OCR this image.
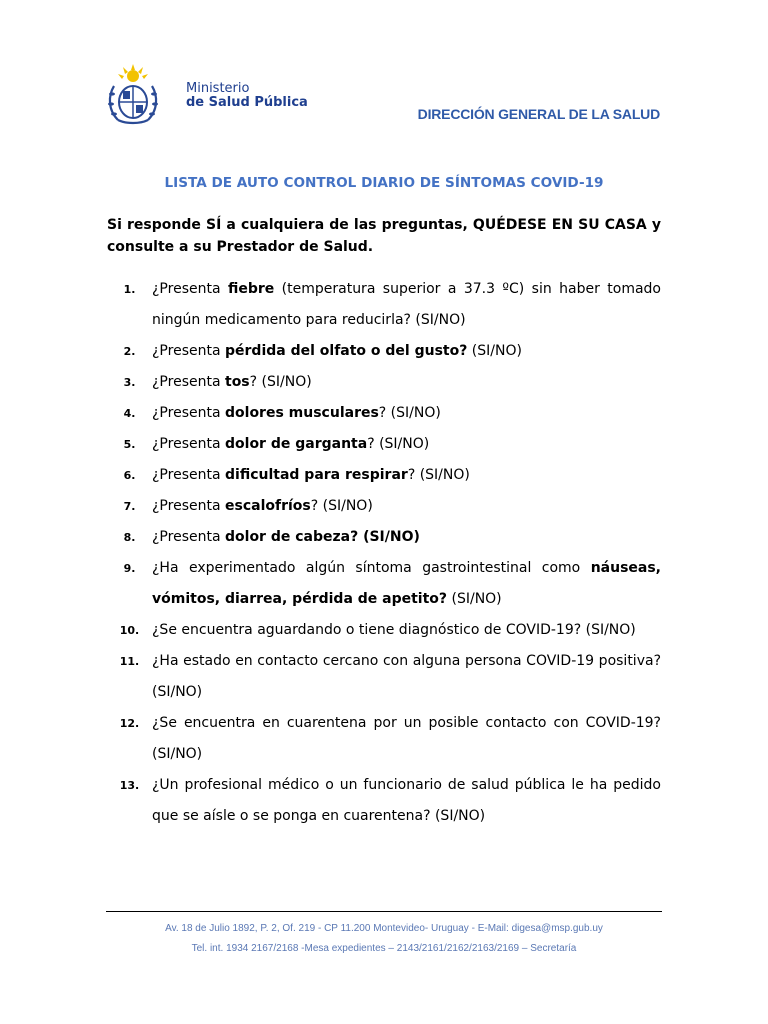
Ministerio
de Salud Pública
DIRECCIÓN GENERAL DE LA SALUD
LISTA DE AUTO CONTROL DIARIO DE SÍNTOMAS COVID-19
Si responde SÍ a cualquiera de las preguntas, QUÉDESE EN SU CASA y consulte a su Prestador de Salud.
1.	¿Presenta fiebre (temperatura superior a 37.3 ºC) sin haber tomado ningún medicamento para reducirla? (SI/NO)
2.	¿Presenta pérdida del olfato o del gusto? (SI/NO)
3.	¿Presenta tos? (SI/NO)
4.	¿Presenta dolores musculares? (SI/NO)
5.	¿Presenta dolor de garganta? (SI/NO)
6.	¿Presenta dificultad para respirar? (SI/NO)
7.	¿Presenta escalofríos? (SI/NO)
8.	¿Presenta dolor de cabeza? (SI/NO)
9.	¿Ha experimentado algún síntoma gastrointestinal como náuseas, vómitos, diarrea, pérdida de apetito? (SI/NO)
10. ¿Se encuentra aguardando o tiene diagnóstico de COVID-19? (SI/NO)
11. ¿Ha estado en contacto cercano con alguna persona COVID-19 positiva? (SI/NO)
12. ¿Se encuentra en cuarentena por un posible contacto con COVID-19? (SI/NO)
13. ¿Un profesional médico o un funcionario de salud pública le ha pedido que se aísle o se ponga en cuarentena? (SI/NO)
Av. 18 de Julio 1892, P. 2, Of. 219 - CP 11.200 Montevideo- Uruguay - E-Mail: digesa@msp.gub.uy
Tel. int. 1934 2167/2168 -Mesa expedientes – 2143/2161/2162/2163/2169 – Secretaría
